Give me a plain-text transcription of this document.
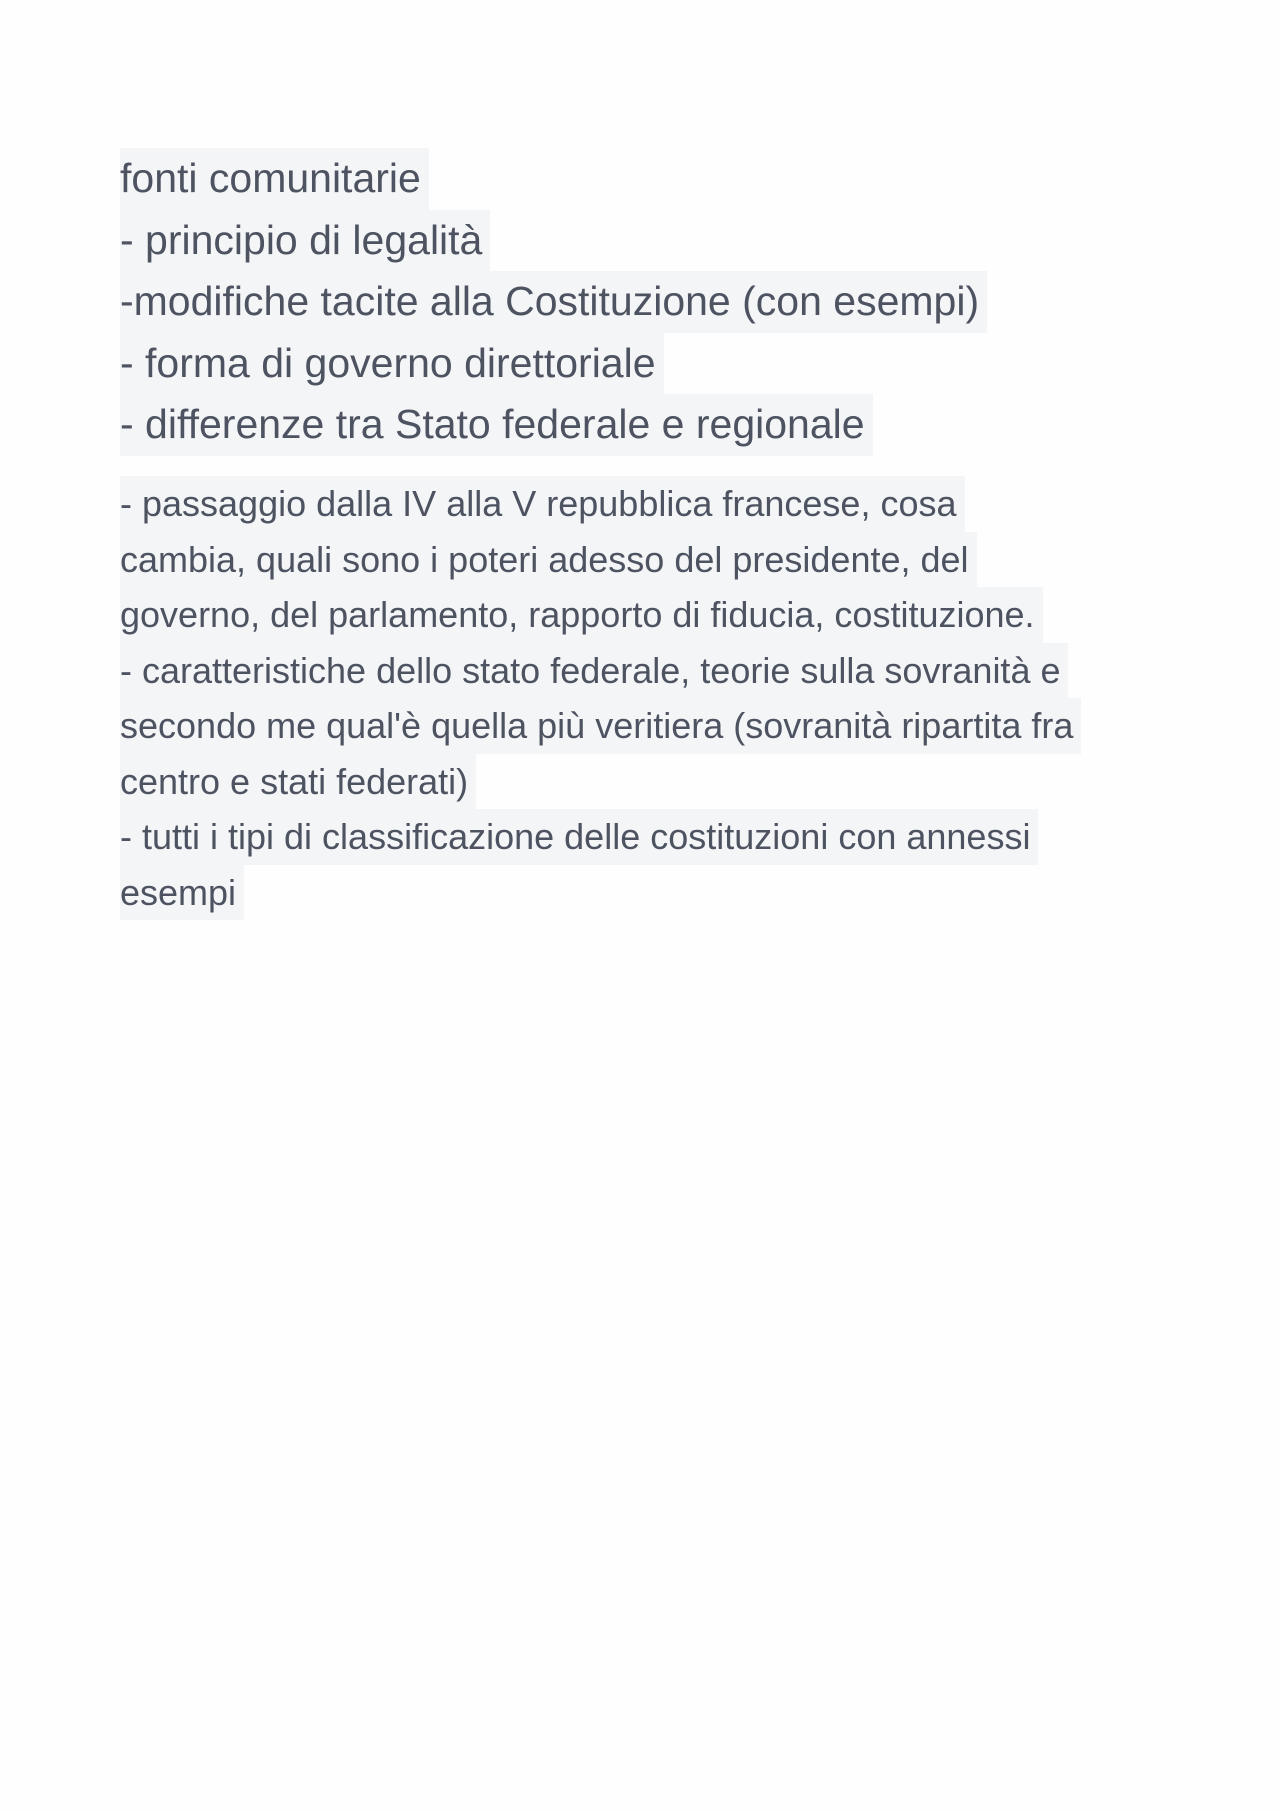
fonti comunitarie
- principio di legalità
-modifiche tacite alla Costituzione (con esempi)
- forma di governo direttoriale
- differenze tra Stato federale e regionale
- passaggio dalla IV alla V repubblica francese, cosa
cambia, quali sono i poteri adesso del presidente, del
governo, del parlamento, rapporto di fiducia, costituzione.
- caratteristiche dello stato federale, teorie sulla sovranità e
secondo me qual'è quella più veritiera (sovranità ripartita fra
centro e stati federati)
- tutti i tipi di classificazione delle costituzioni con annessi
esempi
